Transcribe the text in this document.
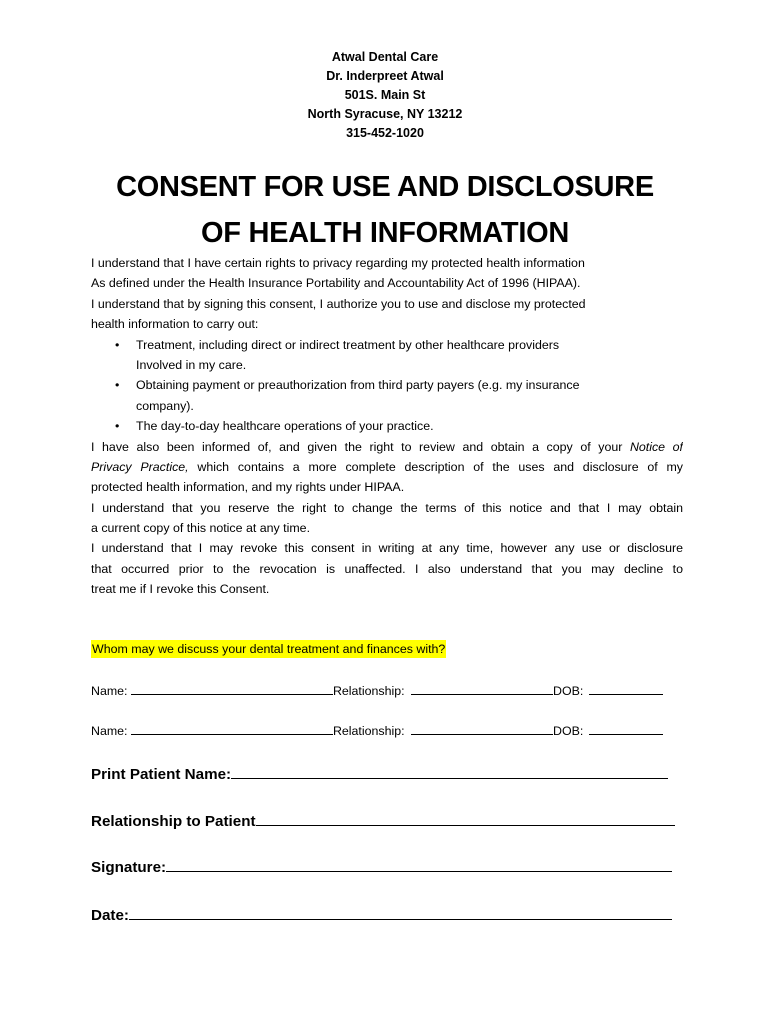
Atwal Dental Care
Dr. Inderpreet Atwal
501S. Main St
North Syracuse, NY 13212
315-452-1020
CONSENT FOR USE AND DISCLOSURE
OF HEALTH INFORMATION
I understand that I have certain rights to privacy regarding my protected health information
As defined under the Health Insurance Portability and Accountability Act of 1996 (HIPAA).
I understand that by signing this consent, I authorize you to use and disclose my protected
health information to carry out:
• Treatment, including direct or indirect treatment by other healthcare providers
Involved in my care.
• Obtaining payment or preauthorization from third party payers (e.g. my insurance
company).
• The day-to-day healthcare operations of your practice.
I have also been informed of, and given the right to review and obtain a copy of your Notice of
Privacy Practice, which contains a more complete description of the uses and disclosure of my
protected health information, and my rights under HIPAA.
I understand that you reserve the right to change the terms of this notice and that I may obtain
a current copy of this notice at any time.
I understand that I may revoke this consent in writing at any time, however any use or disclosure
that occurred prior to the revocation is unaffected. I also understand that you may decline to
treat me if I revoke this Consent.
Whom may we discuss your dental treatment and finances with?
Name:	Relationship:	DOB:
Name:	Relationship:	DOB:
Print Patient Name:
Relationship to Patient
Signature:
Date:
